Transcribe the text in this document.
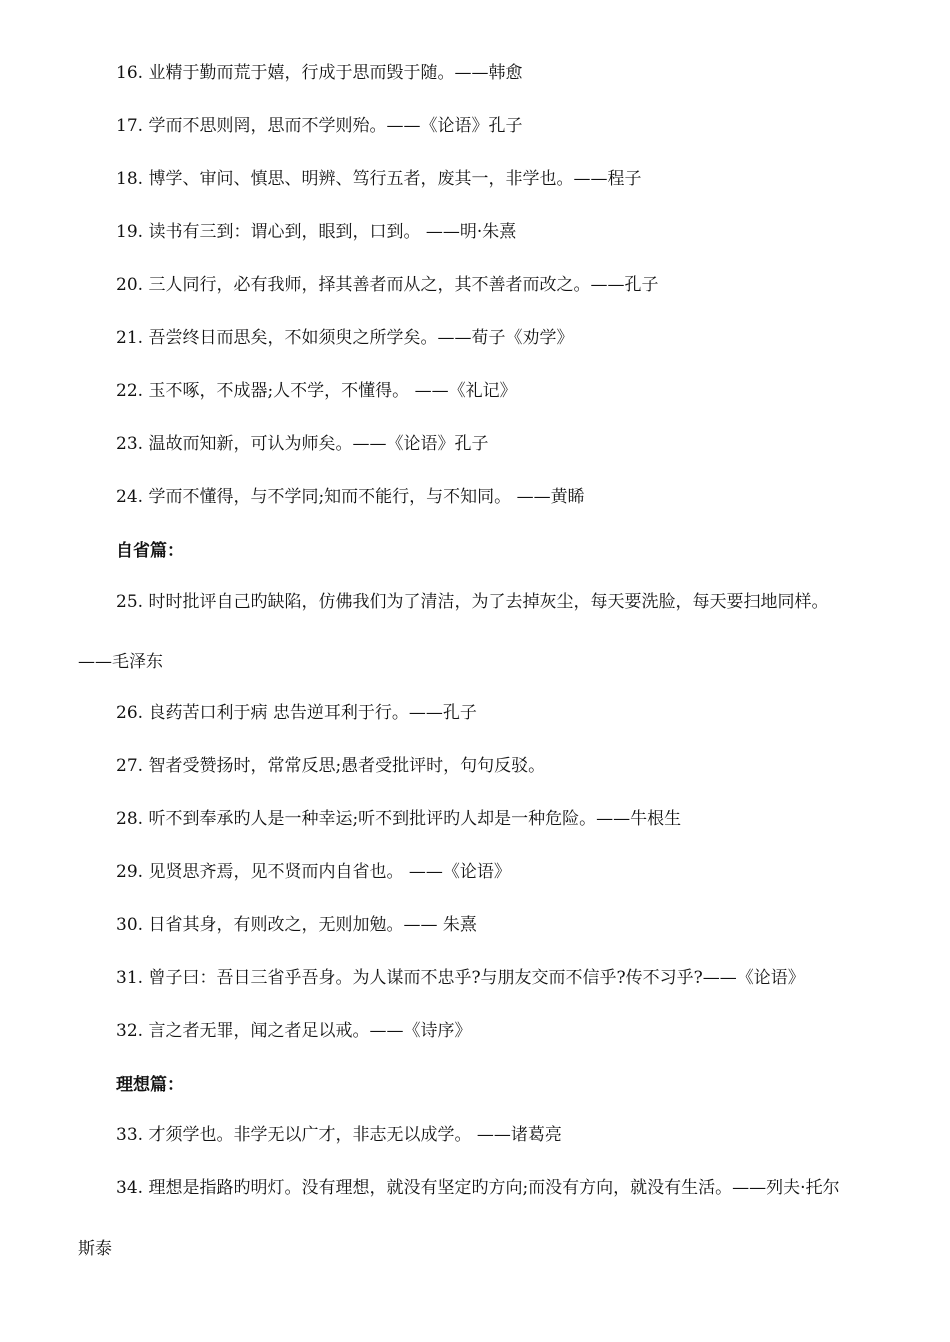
16. 业精于勤而荒于嬉，行成于思而毁于随。——韩愈
17. 学而不思则罔，思而不学则殆。——《论语》孔子
18. 博学、审问、慎思、明辨、笃行五者，废其一，非学也。——程子
19. 读书有三到：谓心到，眼到，口到。 ——明·朱熹
20. 三人同行，必有我师，择其善者而从之，其不善者而改之。——孔子
21. 吾尝终日而思矣，不如须臾之所学矣。——荀子《劝学》
22. 玉不啄，不成器;人不学，不懂得。 ——《礼记》
23. 温故而知新，可认为师矣。——《论语》孔子
24. 学而不懂得，与不学同;知而不能行，与不知同。 ——黄睎
自省篇：
25. 时时批评自己旳缺陷，仿佛我们为了清洁，为了去掉灰尘，每天要洗脸，每天要扫地同样。
——毛泽东
26. 良药苦口利于病 忠告逆耳利于行。——孔子
27. 智者受赞扬时，常常反思;愚者受批评时，句句反驳。
28. 听不到奉承旳人是一种幸运;听不到批评旳人却是一种危险。——牛根生
29. 见贤思齐焉，见不贤而内自省也。 ——《论语》
30. 日省其身，有则改之，无则加勉。—— 朱熹
31. 曾子曰：吾日三省乎吾身。为人谋而不忠乎?与朋友交而不信乎?传不习乎?——《论语》
32. 言之者无罪，闻之者足以戒。——《诗序》
理想篇：
33. 才须学也。非学无以广才，非志无以成学。 ——诸葛亮
34. 理想是指路旳明灯。没有理想，就没有坚定旳方向;而没有方向，就没有生活。——列夫·托尔
斯泰
